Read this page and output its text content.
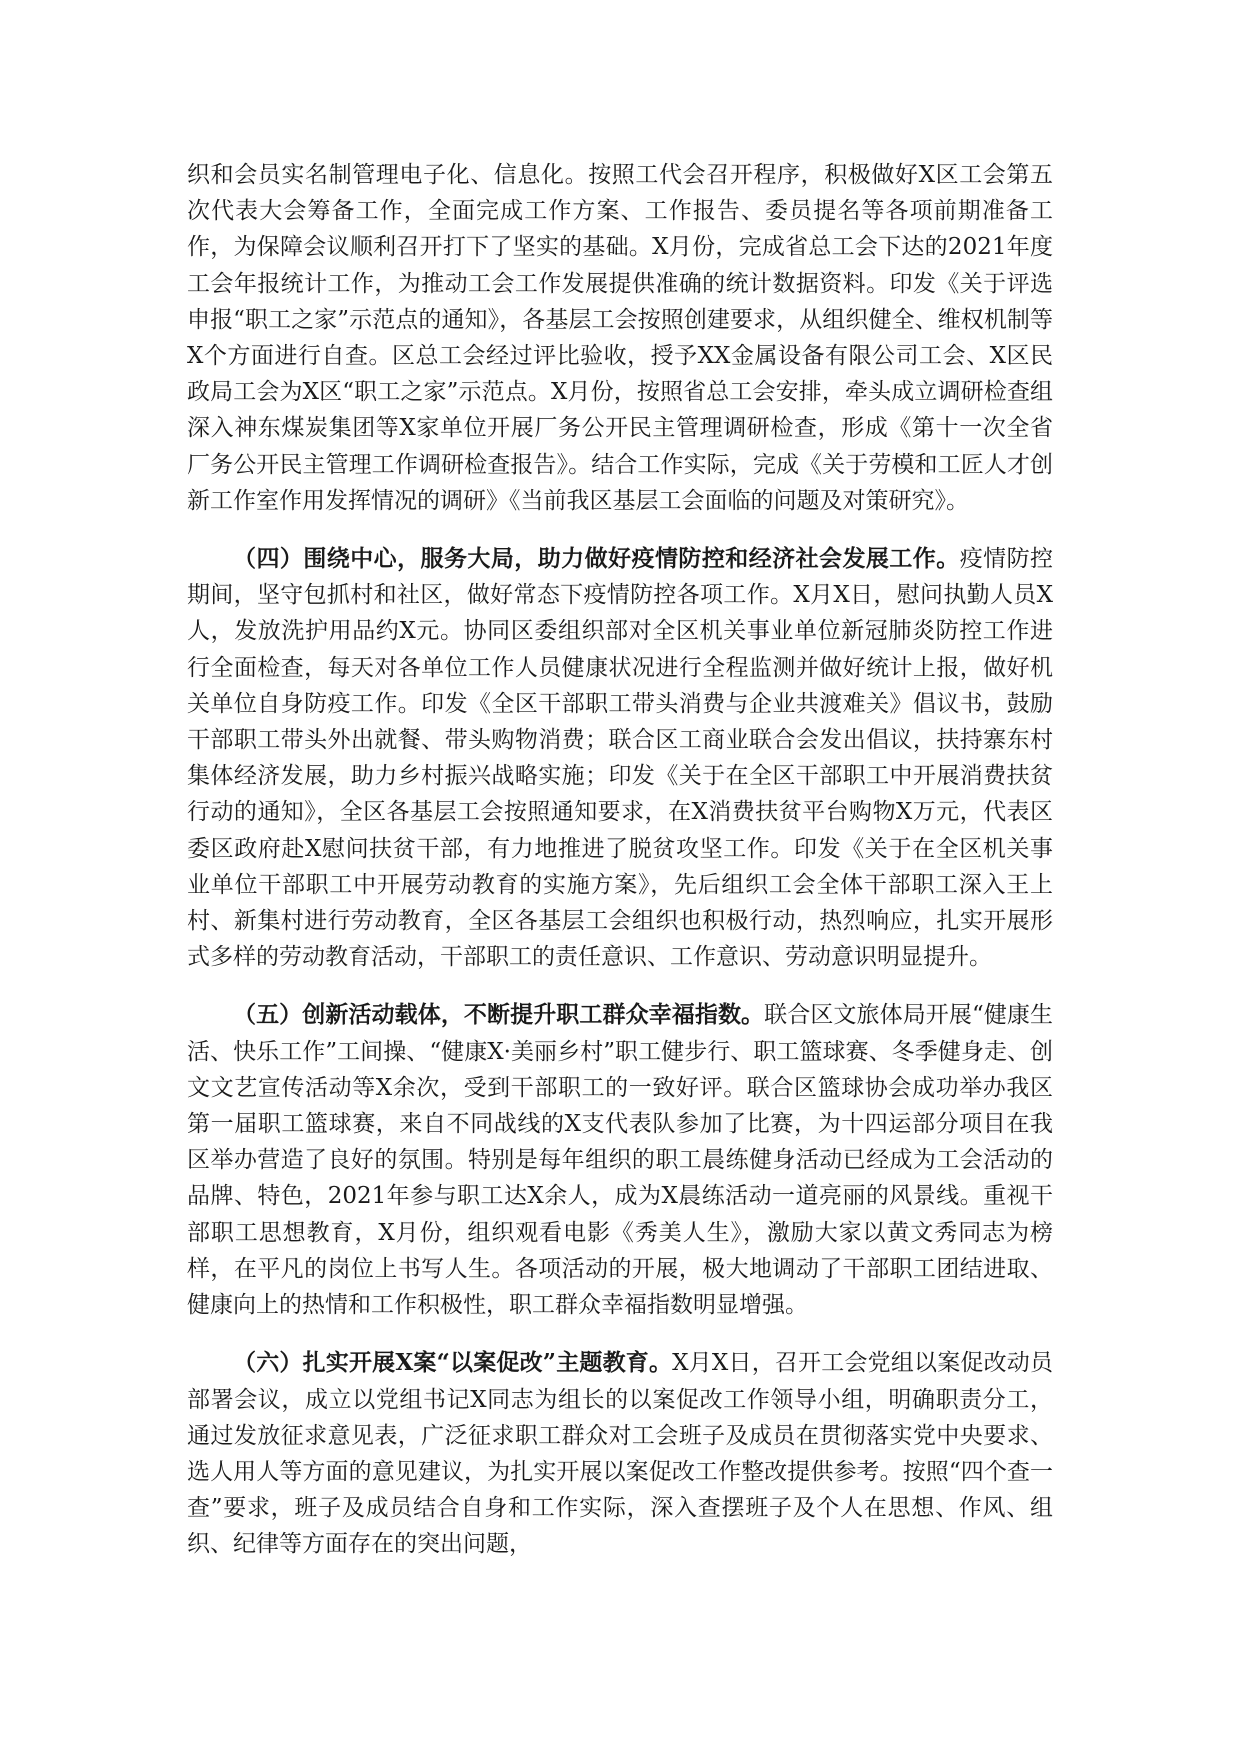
织和会员实名制管理电子化、信息化。按照工代会召开程序，积极做好X区工会第五次代表大会筹备工作，全面完成工作方案、工作报告、委员提名等各项前期准备工作，为保障会议顺利召开打下了坚实的基础。X月份，完成省总工会下达的2021年度工会年报统计工作，为推动工会工作发展提供准确的统计数据资料。印发《关于评选申报“职工之家”示范点的通知》，各基层工会按照创建要求，从组织健全、维权机制等X个方面进行自查。区总工会经过评比验收，授予XX金属设备有限公司工会、X区民政局工会为X区“职工之家”示范点。X月份，按照省总工会安排，牵头成立调研检查组深入神东煤炭集团等X家单位开展厂务公开民主管理调研检查，形成《第十一次全省厂务公开民主管理工作调研检查报告》。结合工作实际，完成《关于劳模和工匠人才创新工作室作用发挥情况的调研》《当前我区基层工会面临的问题及对策研究》。

（四）围绕中心，服务大局，助力做好疫情防控和经济社会发展工作。疫情防控期间，坚守包抓村和社区，做好常态下疫情防控各项工作。X月X日，慰问执勤人员X人，发放洗护用品约X元。协同区委组织部对全区机关事业单位新冠肺炎防控工作进行全面检查，每天对各单位工作人员健康状况进行全程监测并做好统计上报，做好机关单位自身防疫工作。印发《全区干部职工带头消费与企业共渡难关》倡议书，鼓励干部职工带头外出就餐、带头购物消费；联合区工商业联合会发出倡议，扶持寨东村集体经济发展，助力乡村振兴战略实施；印发《关于在全区干部职工中开展消费扶贫行动的通知》，全区各基层工会按照通知要求，在X消费扶贫平台购物X万元，代表区委区政府赴X慰问扶贫干部，有力地推进了脱贫攻坚工作。印发《关于在全区机关事业单位干部职工中开展劳动教育的实施方案》，先后组织工会全体干部职工深入王上村、新集村进行劳动教育，全区各基层工会组织也积极行动，热烈响应，扎实开展形式多样的劳动教育活动，干部职工的责任意识、工作意识、劳动意识明显提升。

（五）创新活动载体，不断提升职工群众幸福指数。联合区文旅体局开展“健康生活、快乐工作”工间操、“健康X·美丽乡村”职工健步行、职工篮球赛、冬季健身走、创文文艺宣传活动等X余次，受到干部职工的一致好评。联合区篮球协会成功举办我区第一届职工篮球赛，来自不同战线的X支代表队参加了比赛，为十四运部分项目在我区举办营造了良好的氛围。特别是每年组织的职工晨练健身活动已经成为工会活动的品牌、特色，2021年参与职工达X余人，成为X晨练活动一道亮丽的风景线。重视干部职工思想教育，X月份，组织观看电影《秀美人生》，激励大家以黄文秀同志为榜样，在平凡的岗位上书写人生。各项活动的开展，极大地调动了干部职工团结进取、健康向上的热情和工作积极性，职工群众幸福指数明显增强。

（六）扎实开展X案“以案促改”主题教育。X月X日，召开工会党组以案促改动员部署会议，成立以党组书记X同志为组长的以案促改工作领导小组，明确职责分工，通过发放征求意见表，广泛征求职工群众对工会班子及成员在贯彻落实党中央要求、选人用人等方面的意见建议，为扎实开展以案促改工作整改提供参考。按照“四个查一查”要求，班子及成员结合自身和工作实际，深入查摆班子及个人在思想、作风、组织、纪律等方面存在的突出问题，
